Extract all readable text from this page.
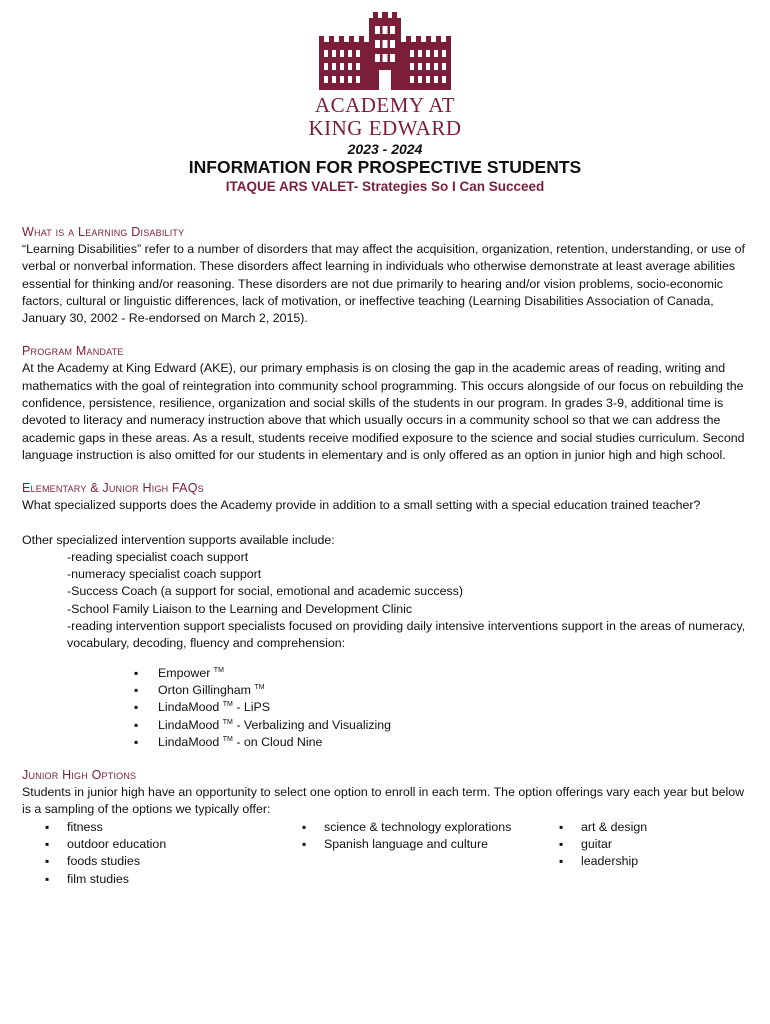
ACADEMY AT
KING EDWARD
2023 - 2024
INFORMATION FOR PROSPECTIVE STUDENTS
ITAQUE ARS VALET- Strategies So I Can Succeed
What is a Learning Disability

“Learning Disabilities” refer to a number of disorders that may affect the acquisition, organization, retention, understanding, or use of verbal or nonverbal information. These disorders affect learning in individuals who otherwise demonstrate at least average abilities essential for thinking and/or reasoning. These disorders are not due primarily to hearing and/or vision problems, socio-economic factors, cultural or linguistic differences, lack of motivation, or ineffective teaching (Learning Disabilities Association of Canada, January 30, 2002 - Re-endorsed on March 2, 2015).

Program Mandate

At the Academy at King Edward (AKE), our primary emphasis is on closing the gap in the academic areas of reading, writing and mathematics with the goal of reintegration into community school programming. This occurs alongside of our focus on rebuilding the confidence, persistence, resilience, organization and social skills of the students in our program. In grades 3-9, additional time is devoted to literacy and numeracy instruction above that which usually occurs in a community school so that we can address the academic gaps in these areas. As a result, students receive modified exposure to the science and social studies curriculum. Second language instruction is also omitted for our students in elementary and is only offered as an option in junior high and high school.

Elementary & Junior High FAQs

What specialized supports does the Academy provide in addition to a small setting with a special education trained teacher?

Other specialized intervention supports available include:

-reading specialist coach support
-numeracy specialist coach support
-Success Coach (a support for social, emotional and academic success)
-School Family Liaison to the Learning and Development Clinic
-reading intervention support specialists focused on providing daily intensive interventions support in the areas of numeracy, vocabulary, decoding, fluency and comprehension:
▪ Empower ™
▪ Orton Gillingham ™
▪ LindaMood ™ - LiPS
▪ LindaMood ™ - Verbalizing and Visualizing
▪ LindaMood ™ - on Cloud Nine
Junior High Options

Students in junior high have an opportunity to select one option to enroll in each term. The option offerings vary each year but below is a sampling of the options we typically offer:

▪ fitness
▪ outdoor education
▪ foods studies
▪ film studies
▪ science & technology explorations
▪ Spanish language and culture
▪ art & design
▪ guitar
▪ leadership
